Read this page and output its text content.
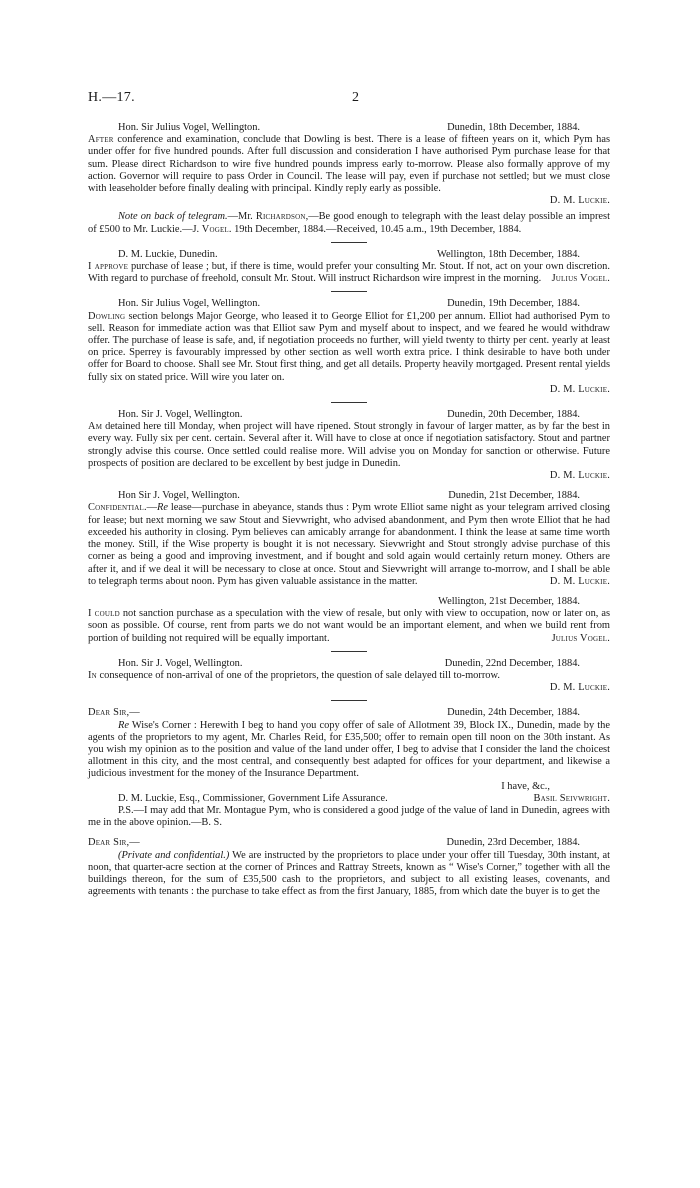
H.—17.	2
Hon. Sir Julius Vogel, Wellington.	Dunedin, 18th December, 1884.

After conference and examination, conclude that Dowling is best. There is a lease of fifteen years on it, which Pym has under offer for five hundred pounds. After full discussion and consideration I have authorised Pym purchase lease for that sum. Please direct Richardson to wire five hundred pounds impress early to-morrow. Please also formally approve of my action. Governor will require to pass Order in Council. The lease will pay, even if purchase not settled; but we must close with leaseholder before finally dealing with principal. Kindly reply early as possible.

D. M. Luckie.

Note on back of telegram.—Mr. Richardson,—Be good enough to telegraph with the least delay possible an imprest of £500 to Mr. Luckie.—J. Vogel. 19th December, 1884.—Received, 10.45 a.m., 19th December, 1884.

D. M. Luckie, Dunedin.	Wellington, 18th December, 1884.

I approve purchase of lease ; but, if there is time, would prefer your consulting Mr. Stout. If not, act on your own discretion. With regard to purchase of freehold, consult Mr. Stout. Will instruct Richardson wire imprest in the morning. Julius Vogel.

Hon. Sir Julius Vogel, Wellington.	Dunedin, 19th December, 1884.

Dowling section belongs Major George, who leased it to George Elliot for £1,200 per annum. Elliot had authorised Pym to sell. Reason for immediate action was that Elliot saw Pym and myself about to inspect, and we feared he would withdraw offer. The purchase of lease is safe, and, if negotiation proceeds no further, will yield twenty to thirty per cent. yearly at least on price. Sperrey is favourably impressed by other section as well worth extra price. I think desirable to have both under offer for Board to choose. Shall see Mr. Stout first thing, and get all details. Property heavily mortgaged. Present rental yields fully six on stated price. Will wire you later on.

D. M. Luckie.
Hon. Sir J. Vogel, Wellington.	Dunedin, 20th December, 1884.

Am detained here till Monday, when project will have ripened. Stout strongly in favour of larger matter, as by far the best in every way. Fully six per cent. certain. Several after it. Will have to close at once if negotiation satisfactory. Stout and partner strongly advise this course. Once settled could realise more. Will advise you on Monday for sanction or otherwise. Future prospects of position are declared to be excellent by best judge in Dunedin.

D. M. Luckie.
Hon Sir J. Vogel, Wellington.	Dunedin, 21st December, 1884.

Confidential.—Re lease—purchase in abeyance, stands thus : Pym wrote Elliot same night as your telegram arrived closing for lease; but next morning we saw Stout and Sievwright, who advised abandonment, and Pym then wrote Elliot that he had exceeded his authority in closing. Pym believes can amicably arrange for abandonment. I think the lease at same time worth the money. Still, if the Wise property is bought it is not necessary. Sievwright and Stout strongly advise purchase of this corner as being a good and improving investment, and if bought and sold again would certainly return money. Others are after it, and if we deal it will be necessary to close at once. Stout and Sievwright will arrange to-morrow, and I shall be able to telegraph terms about noon. Pym has given valuable assistance in the matter.	D. M. Luckie.

Wellington, 21st December, 1884.

I could not sanction purchase as a speculation with the view of resale, but only with view to occupation, now or later on, as soon as possible. Of course, rent from parts we do not want would be an important element, and when we build rent from portion of building not required will be equally important.	Julius Vogel.

Hon. Sir J. Vogel, Wellington.	Dunedin, 22nd December, 1884.

In consequence of non-arrival of one of the proprietors, the question of sale delayed till to-morrow.

D. M. Luckie.
Dear Sir,—	Dunedin, 24th December, 1884.

Re Wise's Corner : Herewith I beg to hand you copy offer of sale of Allotment 39, Block IX., Dunedin, made by the agents of the proprietors to my agent, Mr. Charles Reid, for £35,500; offer to remain open till noon on the 30th instant. As you wish my opinion as to the position and value of the land under offer, I beg to advise that I consider the land the choicest allotment in this city, and the most central, and consequently best adapted for offices for your department, and likewise a judicious investment for the money of the Insurance Department.

I have, &c.,
D. M. Luckie, Esq., Commissioner, Government Life Assurance.	Basil Seivwright.

P.S.—I may add that Mr. Montague Pym, who is considered a good judge of the value of land in Dunedin, agrees with me in the above opinion.—B. S.

Dear Sir,—	Dunedin, 23rd December, 1884.

(Private and confidential.) We are instructed by the proprietors to place under your offer till Tuesday, 30th instant, at noon, that quarter-acre section at the corner of Princes and Rattray Streets, known as “ Wise's Corner,” together with all the buildings thereon, for the sum of £35,500 cash to the proprietors, and subject to all existing leases, covenants, and agreements with tenants : the purchase to take effect as from the first January, 1885, from which date the buyer is to get the
